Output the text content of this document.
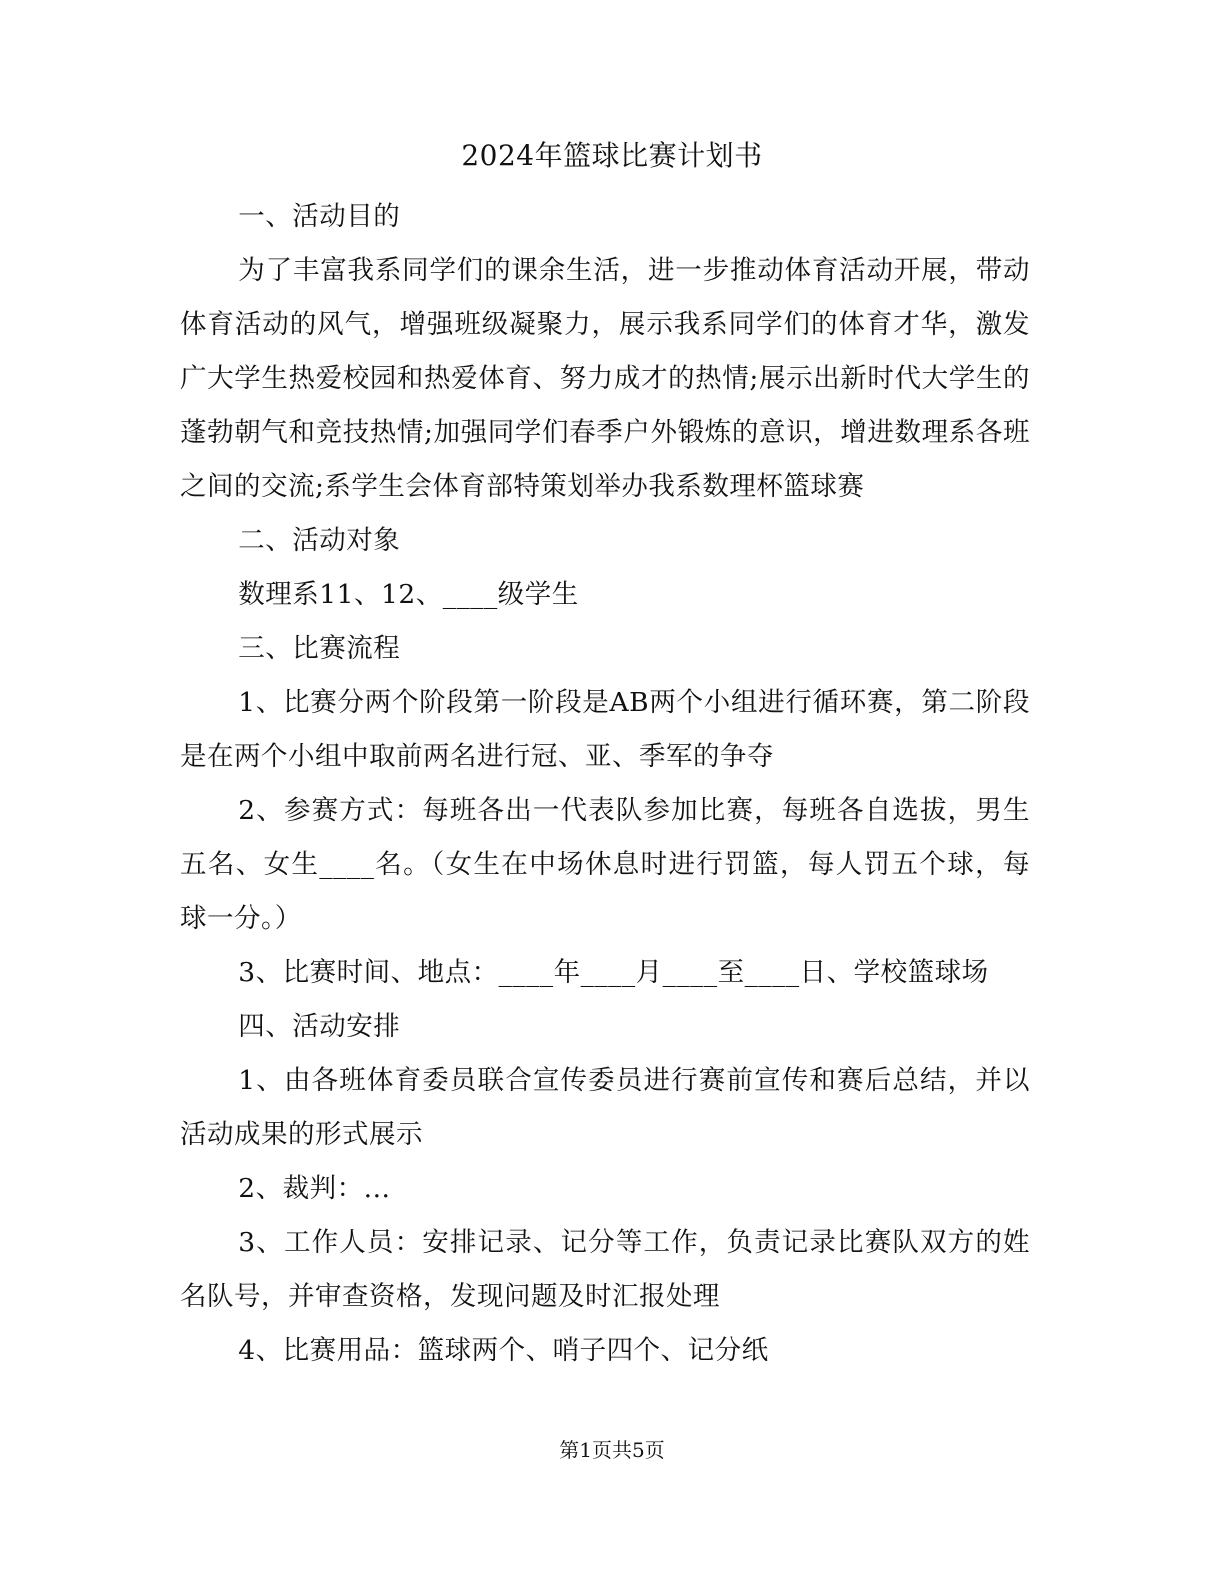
2024年篮球比赛计划书

一、活动目的

为了丰富我系同学们的课余生活，进一步推动体育活动开展，带动体育活动的风气，增强班级凝聚力，展示我系同学们的体育才华，激发广大学生热爱校园和热爱体育、努力成才的热情;展示出新时代大学生的蓬勃朝气和竞技热情;加强同学们春季户外锻炼的意识，增进数理系各班之间的交流;系学生会体育部特策划举办我系数理杯篮球赛

二、活动对象

数理系11、12、____级学生

三、比赛流程

1、比赛分两个阶段第一阶段是AB两个小组进行循环赛，第二阶段是在两个小组中取前两名进行冠、亚、季军的争夺

2、参赛方式：每班各出一代表队参加比赛，每班各自选拔，男生五名、女生____名。（女生在中场休息时进行罚篮，每人罚五个球，每球一分。）

3、比赛时间、地点：____年____月____至____日、学校篮球场

四、活动安排

1、由各班体育委员联合宣传委员进行赛前宣传和赛后总结，并以活动成果的形式展示

2、裁判：...

3、工作人员：安排记录、记分等工作，负责记录比赛队双方的姓名队号，并审查资格，发现问题及时汇报处理

4、比赛用品：篮球两个、哨子四个、记分纸

第1页共5页
